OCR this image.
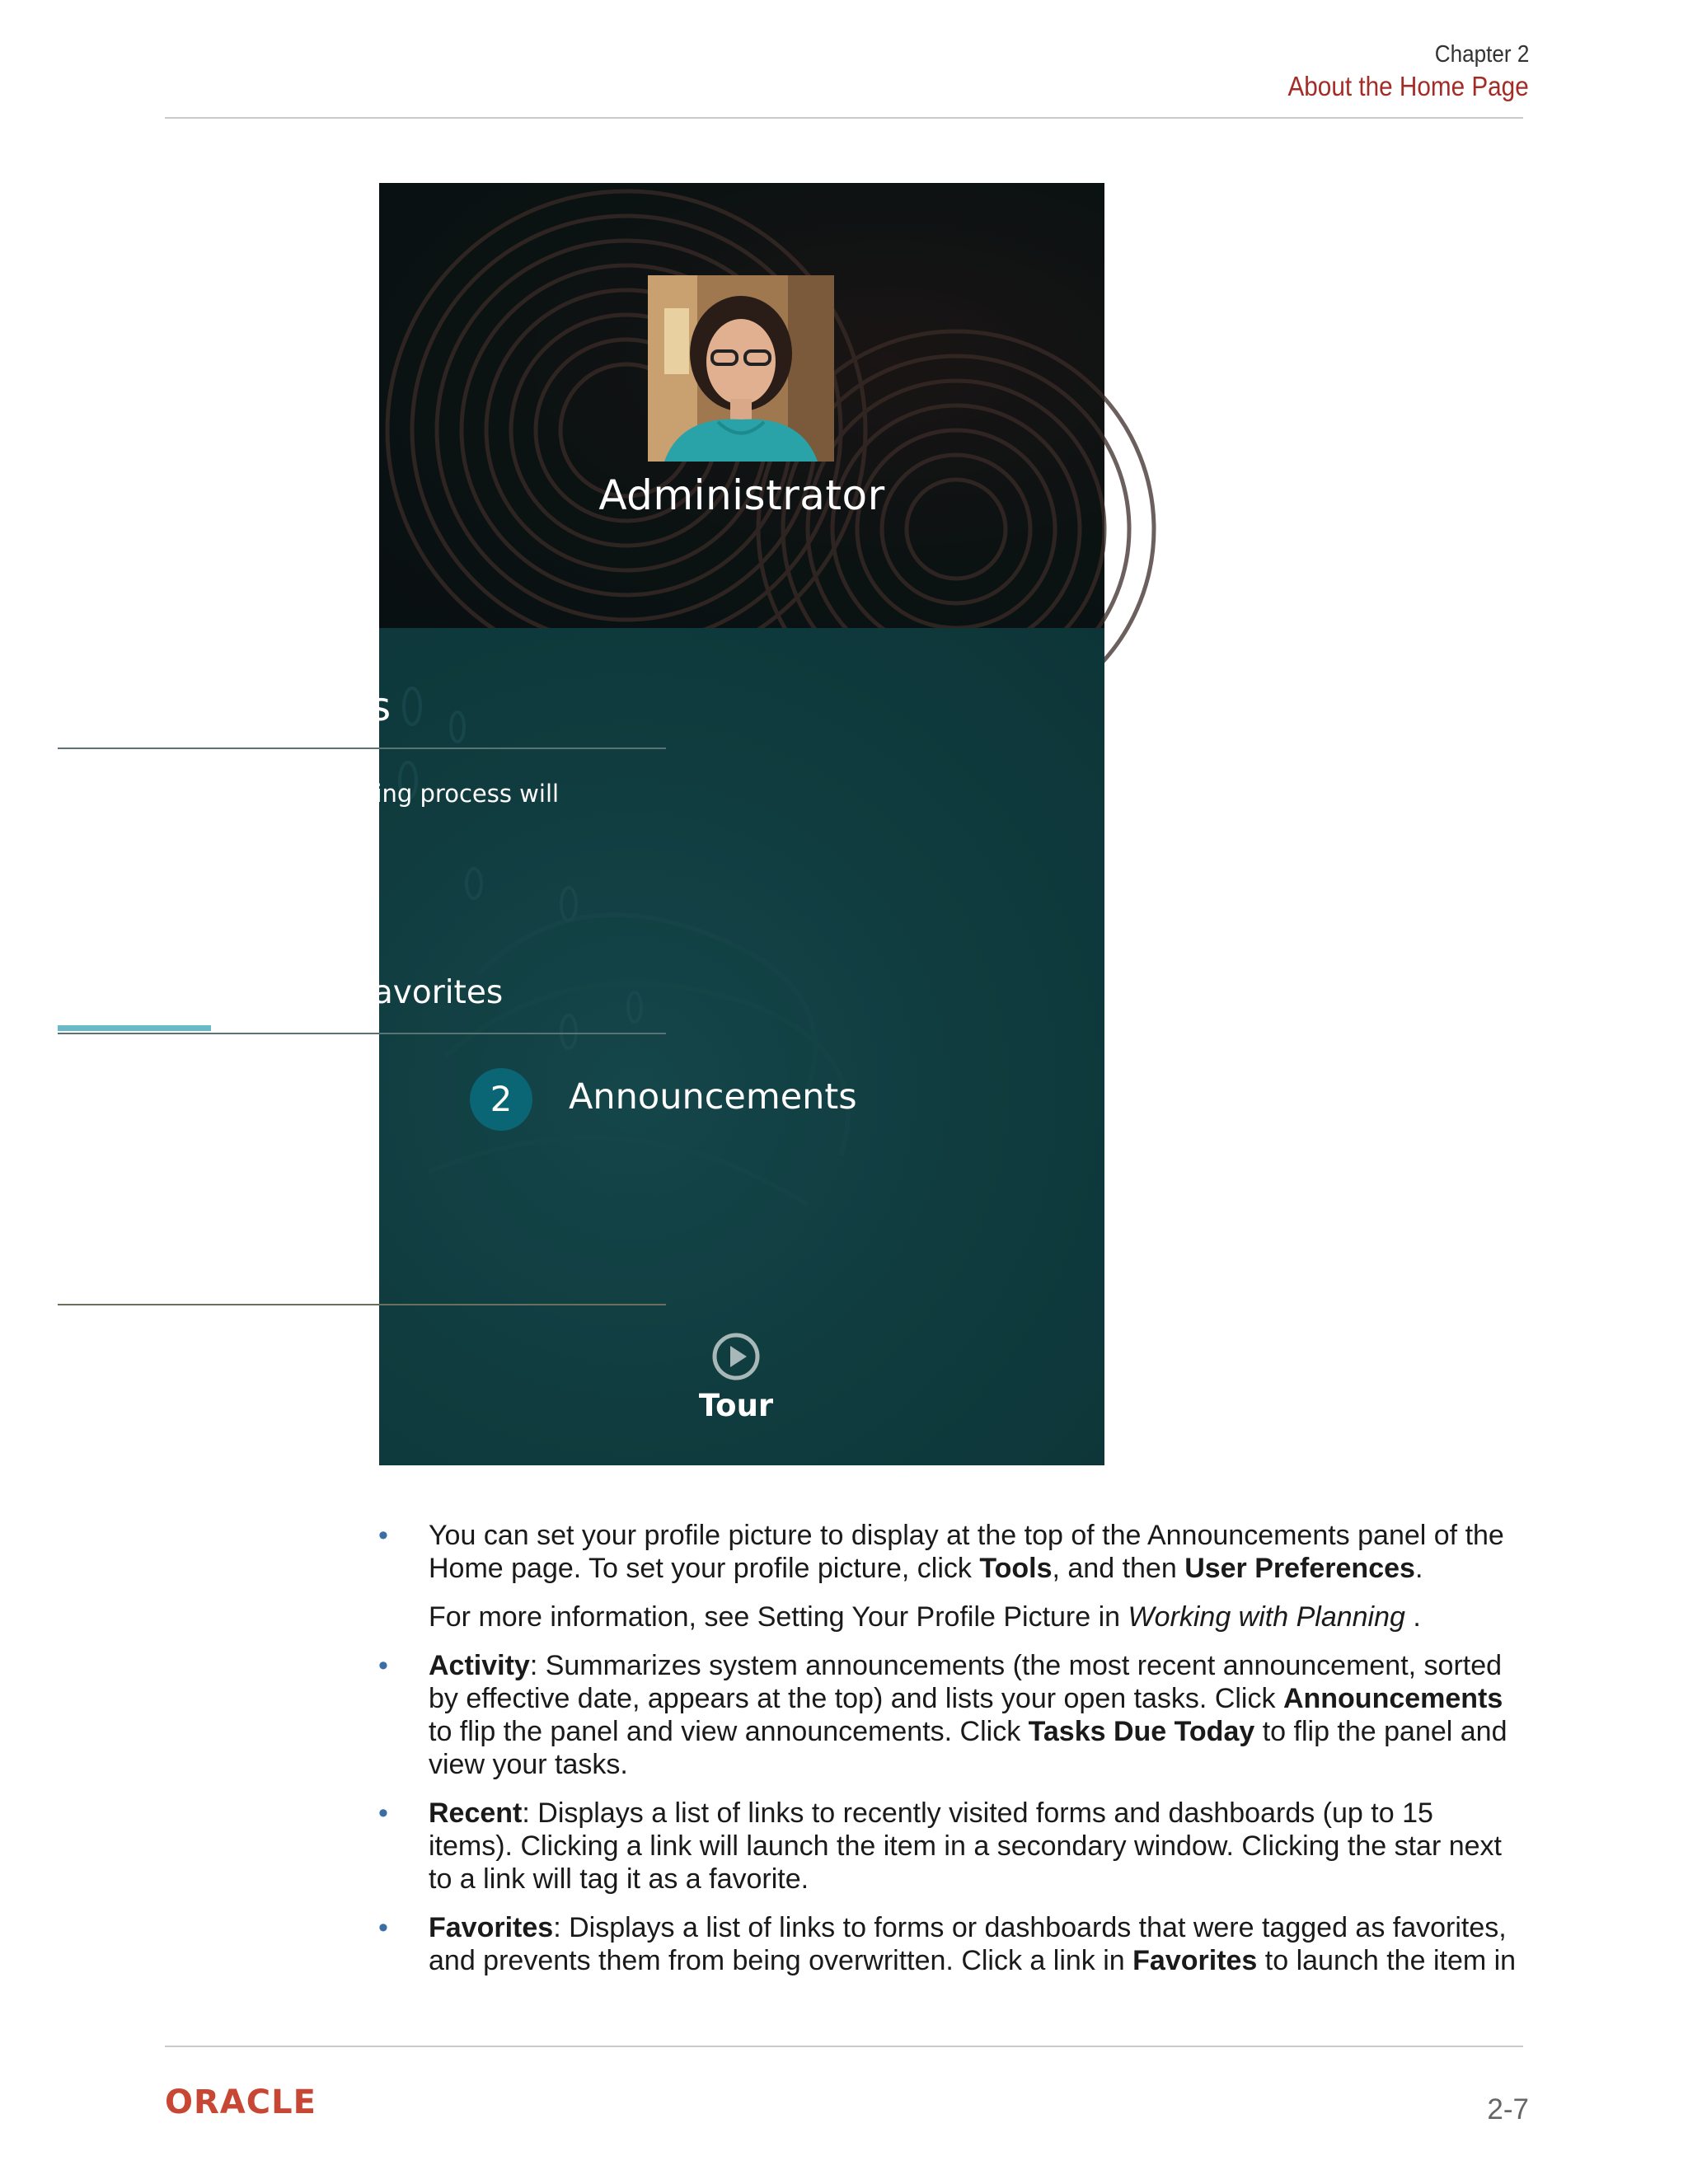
Chapter 2
About the Home Page
Administrator
Planning Process
The 2021 fiscal year planning process will conclude on Friday.
Activity Recent Favorites
2	Announcements
Tour
• You can set your profile picture to display at the top of the Announcements panel of the Home page. To set your profile picture, click Tools, and then User Preferences.
For more information, see Setting Your Profile Picture in Working with Planning .
• Activity: Summarizes system announcements (the most recent announcement, sorted by effective date, appears at the top) and lists your open tasks. Click Announcements to flip the panel and view announcements. Click Tasks Due Today to flip the panel and view your tasks.
• Recent: Displays a list of links to recently visited forms and dashboards (up to 15 items). Clicking a link will launch the item in a secondary window. Clicking the star next to a link will tag it as a favorite.
• Favorites: Displays a list of links to forms or dashboards that were tagged as favorites, and prevents them from being overwritten. Click a link in Favorites to launch the item in
ORACLE	2-7
